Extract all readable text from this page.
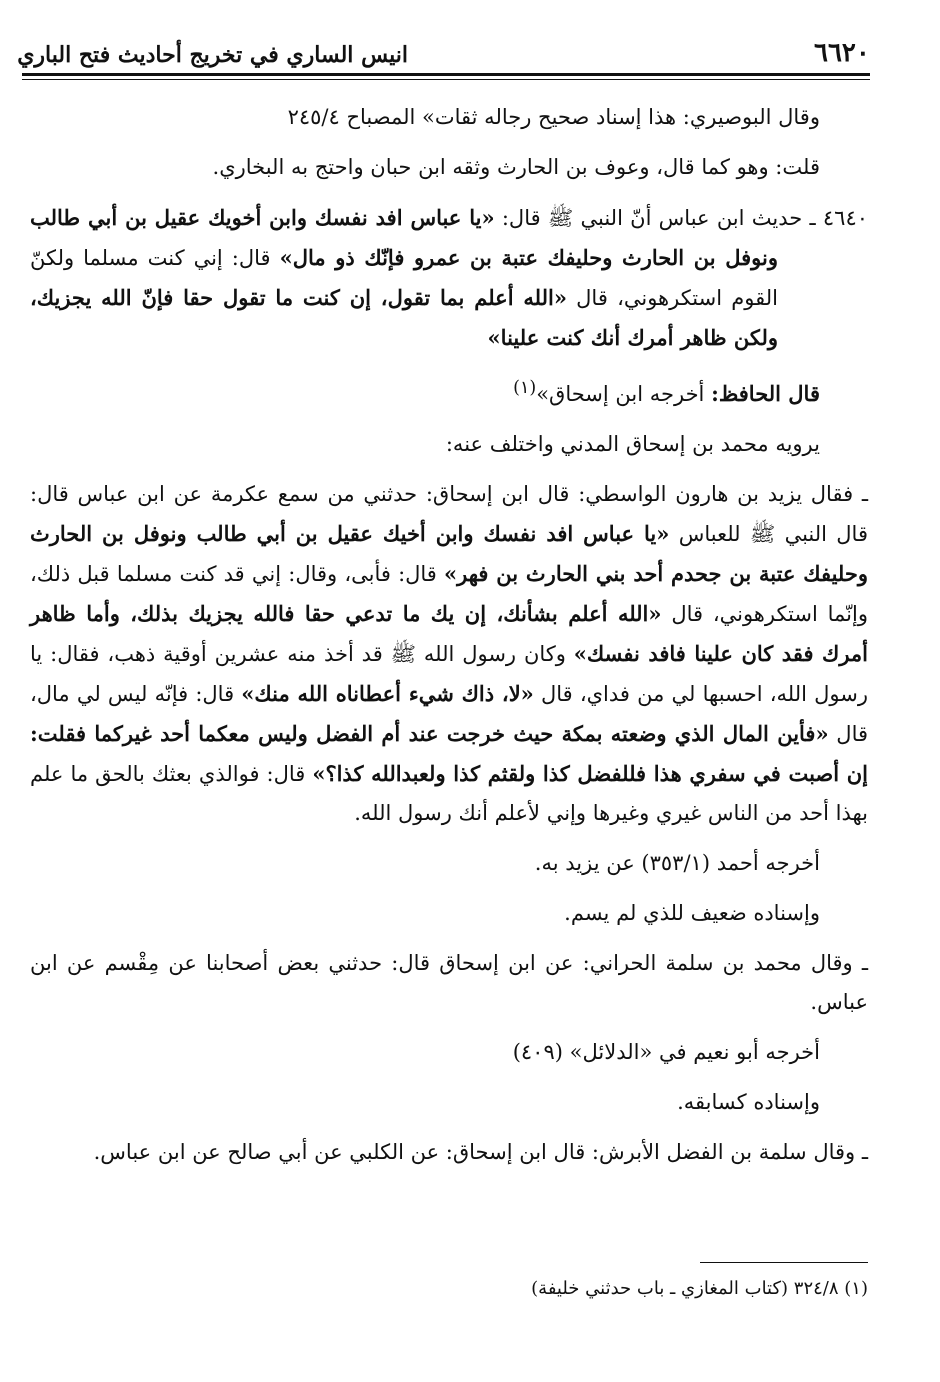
٦٦٢٠
انيس الساري في تخريج أحاديث فتح الباري

وقال البوصيري: هذا إسناد صحيح رجاله ثقات» المصباح ٢٤٥/٤

قلت: وهو كما قال، وعوف بن الحارث وثقه ابن حبان واحتج به البخاري.

٤٦٤٠ ـ حديث ابن عباس أنّ النبي ﷺ قال: «يا عباس افد نفسك وابن أخويك عقيل بن أبي طالب ونوفل بن الحارث وحليفك عتبة بن عمرو فإنّك ذو مال» قال: إني كنت مسلما ولكنّ القوم استكرهوني، قال «الله أعلم بما تقول، إن كنت ما تقول حقا فإنّ الله يجزيك، ولكن ظاهر أمرك أنك كنت علينا»

قال الحافظ: أخرجه ابن إسحاق»$^{(١)}$

يرويه محمد بن إسحاق المدني واختلف عنه:

ـ فقال يزيد بن هارون الواسطي: قال ابن إسحاق: حدثني من سمع عكرمة عن ابن عباس قال: قال النبي ﷺ للعباس «يا عباس افد نفسك وابن أخيك عقيل بن أبي طالب ونوفل بن الحارث وحليفك عتبة بن جحدم أحد بني الحارث بن فهر» قال: فأبى، وقال: إني قد كنت مسلما قبل ذلك، وإنّما استكرهوني، قال «الله أعلم بشأنك، إن يك ما تدعي حقا فالله يجزيك بذلك، وأما ظاهر أمرك فقد كان علينا فافد نفسك» وكان رسول الله ﷺ قد أخذ منه عشرين أوقية ذهب، فقال: يا رسول الله، احسبها لي من فداي، قال «لا، ذاك شيء أعطاناه الله منك» قال: فإنّه ليس لي مال، قال «فأين المال الذي وضعته بمكة حيث خرجت عند أم الفضل وليس معكما أحد غيركما فقلت: إن أصبت في سفري هذا فللفضل كذا ولقثم كذا ولعبدالله كذا؟» قال: فوالذي بعثك بالحق ما علم بهذا أحد من الناس غيري وغيرها وإني لأعلم أنك رسول الله.

أخرجه أحمد (٣٥٣/١) عن يزيد به.

وإسناده ضعيف للذي لم يسم.

ـ وقال محمد بن سلمة الحراني: عن ابن إسحاق قال: حدثني بعض أصحابنا عن مِقْسم عن ابن عباس.

أخرجه أبو نعيم في «الدلائل» (٤٠٩)

وإسناده كسابقه.

ـ وقال سلمة بن الفضل الأبرش: قال ابن إسحاق: عن الكلبي عن أبي صالح عن ابن عباس.

(١) ٣٢٤/٨ (كتاب المغازي ـ باب حدثني خليفة)
